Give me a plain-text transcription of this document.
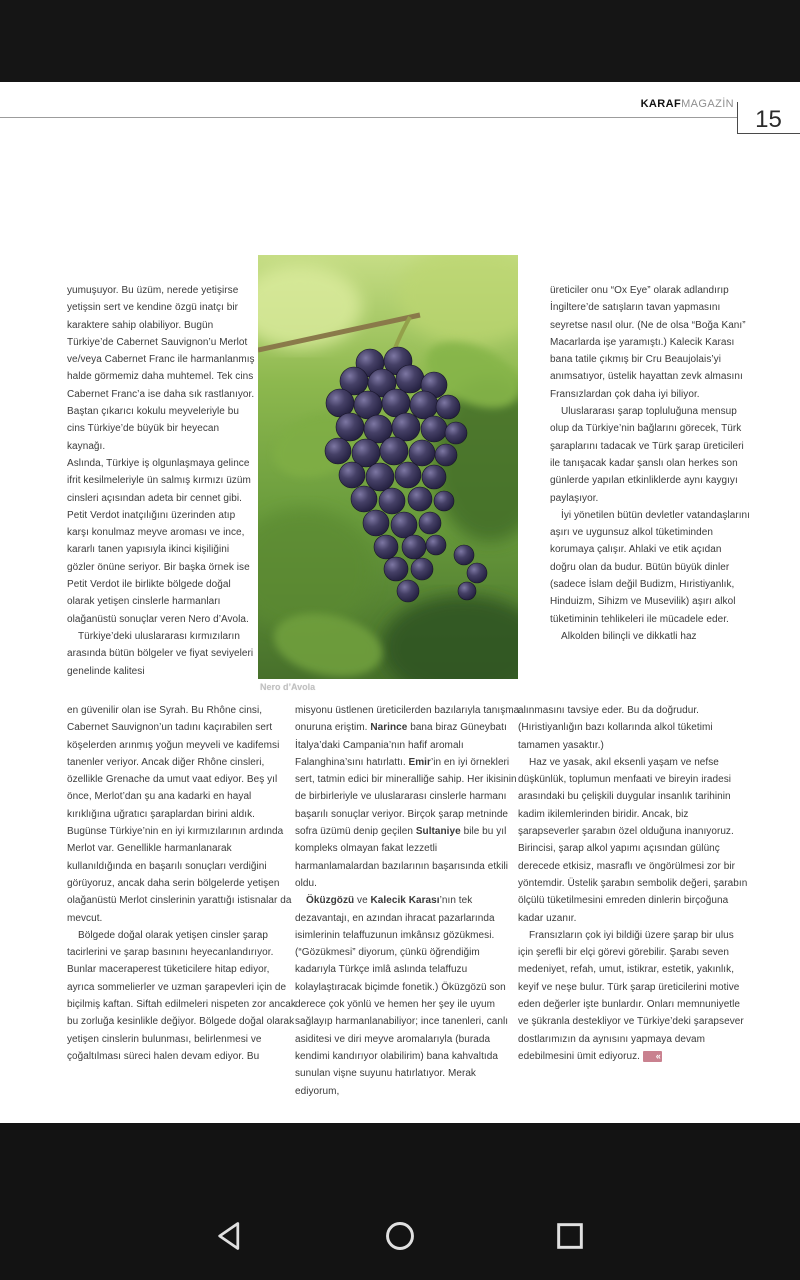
KARAFMAGAZİN
15
Nero d’Avola

yumuşuyor. Bu üzüm, nerede yetişirse yetişsin sert ve kendine özgü inatçı bir karaktere sahip olabiliyor. Bugün Türkiye’de Cabernet Sauvignon’u Merlot ve/veya Cabernet Franc ile harmanlanmış halde görmemiz daha muhtemel. Tek cins Cabernet Franc’a ise daha sık rastlanıyor. Baştan çıkarıcı kokulu meyveleriyle bu cins Türkiye’de büyük bir heyecan kaynağı.

Aslında, Türkiye iş olgunlaşmaya gelince ifrit kesilmeleriyle ün salmış kırmızı üzüm cinsleri açısından adeta bir cennet gibi. Petit Verdot inatçılığını üzerinden atıp karşı konulmaz meyve aroması ve ince, kararlı tanen yapısıyla ikinci kişiliğini gözler önüne seriyor. Bir başka örnek ise Petit Verdot ile birlikte bölgede doğal olarak yetişen cinslerle harmanları olağanüstü sonuçlar veren Nero d’Avola.

Türkiye’deki uluslararası kırmızıların arasında bütün bölgeler ve fiyat seviyeleri genelinde kalitesi

üreticiler onu “Ox Eye” olarak adlandırıp İngiltere’de satışların tavan yapmasını seyretse nasıl olur. (Ne de olsa “Boğa Kanı” Macarlarda işe yaramıştı.) Kalecik Karası bana tatile çıkmış bir Cru Beaujolais’yi anımsatıyor, üstelik hayattan zevk almasını Fransızlardan çok daha iyi biliyor.

Uluslararası şarap topluluğuna mensup olup da Türkiye’nin bağlarını görecek, Türk şaraplarını tadacak ve Türk şarap üreticileri ile tanışacak kadar şanslı olan herkes son günlerde yapılan etkinliklerde aynı kaygıyı paylaşıyor.

İyi yönetilen bütün devletler vatandaşlarını aşırı ve uygunsuz alkol tüketiminden korumaya çalışır. Ahlaki ve etik açıdan doğru olan da budur. Bütün büyük dinler (sadece İslam değil Budizm, Hıristiyanlık, Hinduizm, Sihizm ve Musevilik) aşırı alkol tüketiminin tehlikeleri ile mücadele eder.

Alkolden bilinçli ve dikkatli haz

en güvenilir olan ise Syrah. Bu Rhône cinsi, Cabernet Sauvignon’un tadını kaçırabilen sert köşelerden arınmış yoğun meyveli ve kadifemsi tanenler veriyor. Ancak diğer Rhône cinsleri, özellikle Grenache da umut vaat ediyor. Beş yıl önce, Merlot’dan şu ana kadarki en hayal kırıklığına uğratıcı şaraplardan birini aldık. Bugünse Türkiye’nin en iyi kırmızılarının ardında Merlot var. Genellikle harmanlanarak kullanıldığında en başarılı sonuçları verdiğini görüyoruz, ancak daha serin bölgelerde yetişen olağanüstü Merlot cinslerinin yarattığı istisnalar da mevcut.

Bölgede doğal olarak yetişen cinsler şarap tacirlerini ve şarap basınını heyecanlandırıyor. Bunlar maceraperest tüketicilere hitap ediyor, ayrıca sommelierler ve uzman şarapevleri için de biçilmiş kaftan. Siftah edilmeleri nispeten zor ancak bu zorluğa kesinlikle değiyor. Bölgede doğal olarak yetişen cinslerin bulunması, belirlenmesi ve çoğaltılması süreci halen devam ediyor. Bu

misyonu üstlenen üreticilerden bazılarıyla tanışma onuruna eriştim. Narince bana biraz Güneybatı İtalya’daki Campania’nın hafif aromalı Falanghina’sını hatırlattı. Emir’in en iyi örnekleri sert, tatmin edici bir mineralliğe sahip. Her ikisinin de birbirleriyle ve uluslararası cinslerle harmanı başarılı sonuçlar veriyor. Birçok şarap metninde sofra üzümü denip geçilen Sultaniye bile bu yıl kompleks olmayan fakat lezzetli harmanlamalardan bazılarının başarısında etkili oldu.

Öküzgözü ve Kalecik Karası’nın tek dezavantajı, en azından ihracat pazarlarında isimlerinin telaffuzunun imkânsız gözükmesi. (“Gözükmesi” diyorum, çünkü öğrendiğim kadarıyla Türkçe imlâ aslında telaffuzu kolaylaştıracak biçimde fonetik.) Öküzgözü son derece çok yönlü ve hemen her şey ile uyum sağlayıp harmanlanabiliyor; ince tanenleri, canlı asiditesi ve diri meyve aromalarıyla (burada kendimi kandırıyor olabilirim) bana kahvaltıda sunulan vişne suyunu hatırlatıyor. Merak ediyorum,

alınmasını tavsiye eder. Bu da doğrudur. (Hıristiyanlığın bazı kollarında alkol tüketimi tamamen yasaktır.)

Haz ve yasak, akıl eksenli yaşam ve nefse düşkünlük, toplumun menfaati ve bireyin iradesi arasındaki bu çelişkili duygular insanlık tarihinin kadim ikilemlerinden biridir. Ancak, biz şarapseverler şarabın özel olduğuna inanıyoruz. Birincisi, şarap alkol yapımı açısından gülünç derecede etkisiz, masraflı ve öngörülmesi zor bir yöntemdir. Üstelik şarabın sembolik değeri, şarabın ölçülü tüketilmesini emreden dinlerin birçoğuna kadar uzanır.

Fransızların çok iyi bildiği üzere şarap bir ulus için şerefli bir elçi görevi görebilir. Şarabı seven medeniyet, refah, umut, istikrar, estetik, yakınlık, keyif ve neşe bulur. Türk şarap üreticilerini motive eden değerler işte bunlardır. Onları memnuniyetle ve şükranla destekliyor ve Türkiye’deki şarapsever dostlarımızın da aynısını yapmaya devam edebilmesini ümit ediyoruz. «
